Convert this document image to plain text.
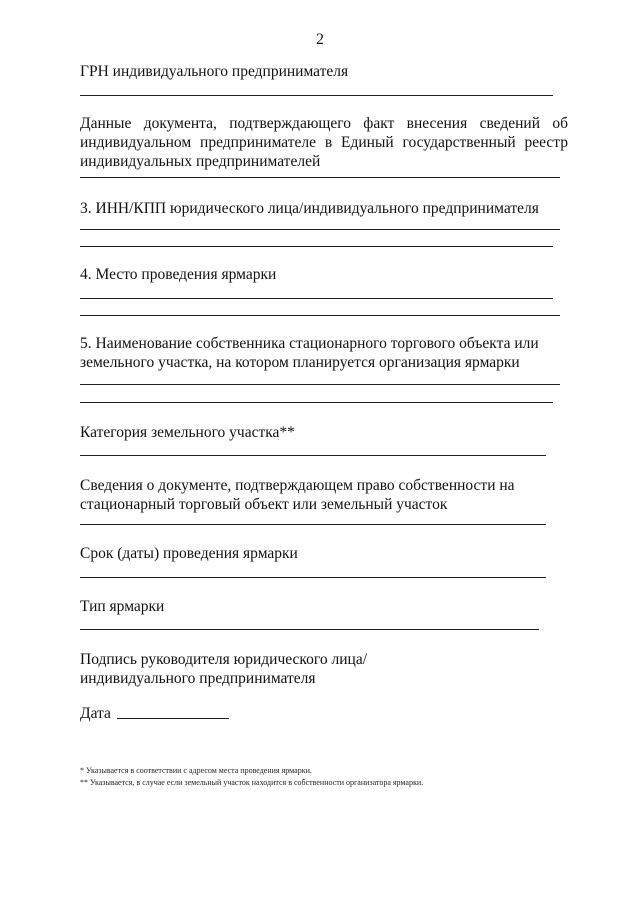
2
ГРН индивидуального предпринимателя
Данные документа, подтверждающего факт внесения сведений об индивидуальном предпринимателе в Единый государственный реестр индивидуальных предпринимателей
3. ИНН/КПП юридического лица/индивидуального предпринимателя
4. Место проведения ярмарки
5. Наименование собственника стационарного торгового объекта или
земельного участка, на котором планируется организация ярмарки
Категория земельного участка**
Сведения о документе, подтверждающем право собственности на
стационарный торговый объект или земельный участок
Срок (даты) проведения ярмарки
Тип ярмарки
Подпись руководителя юридического лица/
индивидуального предпринимателя
Дата
* Указывается в соответствии с адресом места проведения ярмарки.
** Указывается, в случае если земельный участок находится в собственности организатора ярмарки.
